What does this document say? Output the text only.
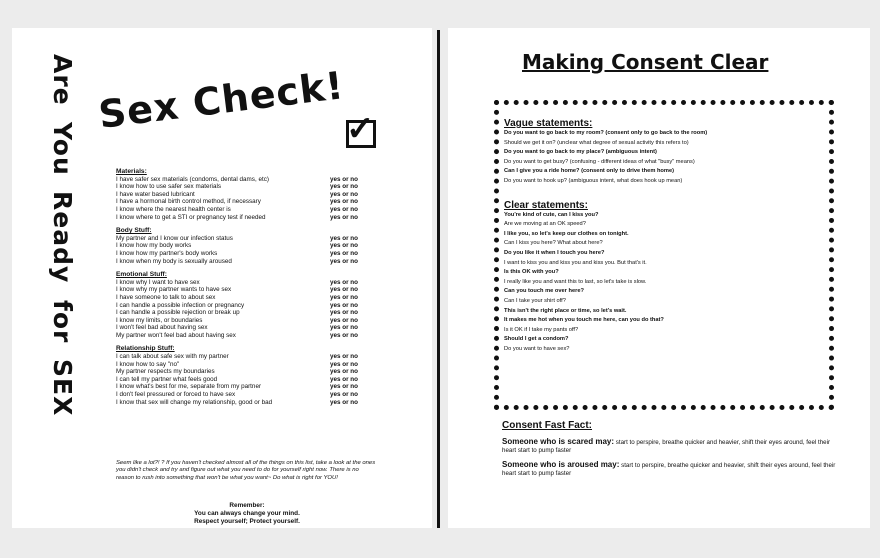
Are
You
Ready
for
SEX
Sex Check! ✓
Materials:
I have safer sex materials (condoms, dental dams, etc)	yes or no
I know how to use safer sex materials	yes or no
I have water based lubricant	yes or no
I have a hormonal birth control method, if necessary	yes or no
I know where the nearest health center is	yes or no
I know where to get a STI or pregnancy test if needed	yes or no
Body Stuff:
My partner and I know our infection status	yes or no
I know how my body works	yes or no
I know how my partner's body works	yes or no
I know when my body is sexually aroused	yes or no
Emotional Stuff:
I know why I want to have sex	yes or no
I know why my partner wants to have sex	yes or no
I have someone to talk to about sex	yes or no
I can handle a possible infection or pregnancy	yes or no
I can handle a possible rejection or break up	yes or no
I know my limits, or boundaries	yes or no
I won't feel bad about having sex	yes or no
My partner won't feel bad about having sex	yes or no
Relationship Stuff:
I can talk about safe sex with my partner	yes or no
I know how to say "no"	yes or no
My partner respects my boundaries	yes or no
I can tell my partner what feels good	yes or no
I know what's best for me, separate from my partner	yes or no
I don't feel pressured or forced to have sex	yes or no
I know that sex will change my relationship, good or bad	yes or no
Seem like a lot?! ? If you haven't checked almost all of the things on this list, take a look at the ones you didn't check and try and figure out what you need to do for yourself right now. There is no reason to rush into something that won't be what you want~ Do what is right for YOU!
Remember:
You can always change your mind.
Respect yourself; Protect yourself.
Making Consent Clear
Vague statements:
Do you want to go back to my room? (consent only to go back to the room)
Should we get it on? (unclear what degree of sexual activity this refers to)
Do you want to go back to my place? (ambiguous intent)
Do you want to get busy? (confusing - different ideas of what "busy" means)
Can I give you a ride home? (consent only to drive them home)
Do you want to hook up? (ambiguous intent, what does hook up mean)
Clear statements:
You're kind of cute, can I kiss you?
Are we moving at an OK speed?
I like you, so let's keep our clothes on tonight.
Can I kiss you here? What about here?
Do you like it when I touch you here?
I want to kiss you and kiss you and kiss you. But that's it.
Is this OK with you?
I really like you and want this to last, so let's take is slow.
Can you touch me over here?
Can I take your shirt off?
This isn't the right place or time, so let's wait.
It makes me hot when you touch me here, can you do that?
Is it OK if I take my pants off?
Should I get a condom?
Do you want to have sex?
Consent Fast Fact:

Someone who is scared may: start to perspire, breathe quicker and heavier, shift their eyes around, feel their heart start to pump faster

Someone who is aroused may: start to perspire, breathe quicker and heavier, shift their eyes around, feel their heart start to pump faster
